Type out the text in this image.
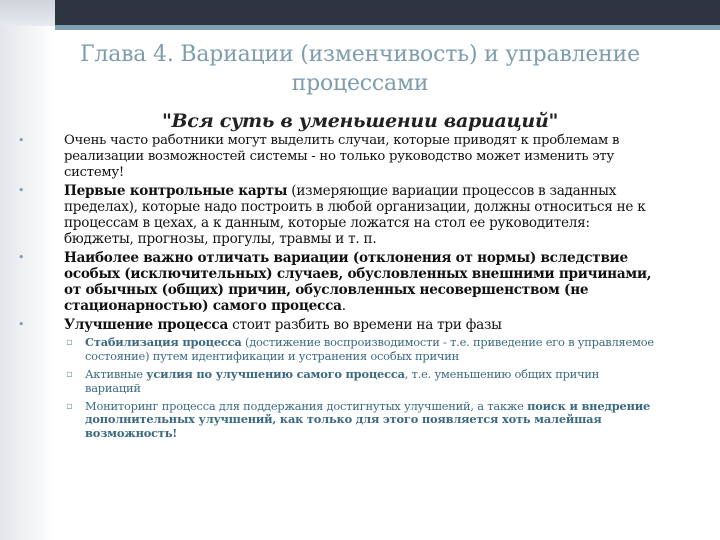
Глава 4. Вариации (изменчивость) и управление процессами
"Вся суть в уменьшении вариаций"
•	Очень часто работники могут выделить случаи, которые приводят к проблемам в реализации возможностей системы - но только руководство может изменить эту систему!
•	Первые контрольные карты (измеряющие вариации процессов в заданных пределах), которые надо построить в любой организации, должны относиться не к процессам в цехах, а к данным, которые ложатся на стол ее руководителя: бюджеты, прогнозы, прогулы, травмы и т. п.
•	Наиболее важно отличать вариации (отклонения от нормы) вследствие особых (исключительных) случаев, обусловленных внешними причинами, от обычных (общих) причин, обусловленных несовершенством (не стационарностью) самого процесса.
•	Улучшение процесса стоит разбить во времени на три фазы
▫ Стабилизация процесса (достижение воспроизводимости - т.е. приведение его в управляемое состояние) путем идентификации и устранения особых причин
▫ Активные усилия по улучшению самого процесса, т.е. уменьшению общих причин вариаций
▫ Мониторинг процесса для поддержания достигнутых улучшений, а также поиск и внедрение дополнительных улучшений, как только для этого появляется хоть малейшая возможность!
